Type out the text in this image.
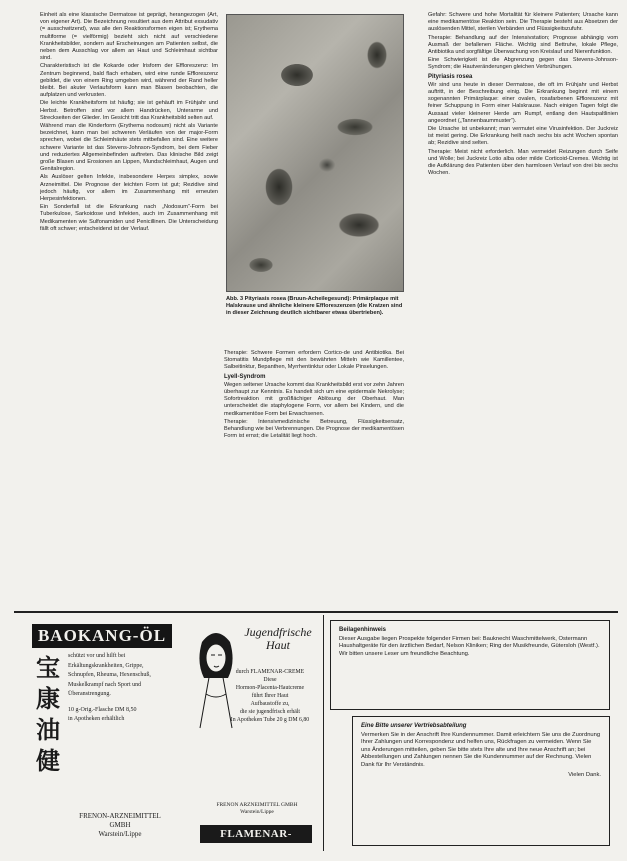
Einheit als eine klassische Dermatose ist geprägt, herangezogen (Art, von eigener Art). Die Bezeichnung resultiert aus dem Attribut exsudativ (= ausschwitzend), was alle den Reaktionsformen eigen ist; Erythema multiforme (= vielförmig) bezieht sich nicht auf verschiedene Krankheitsbilder, sondern auf Erscheinungen am Patienten selbst, die neben dem Ausschlag vor allem an Haut und Schleimhaut sichtbar sind.

Charakteristisch ist die Kokarde oder Irisform der Effloreszenz: Im Zentrum beginnend, bald flach erhaben, wird eine runde Effloreszenz gebildet, die von einem Ring umgeben wird, während der Rand heller bleibt. Bei akuter Verlaufsform kann man Blasen beobachten, die aufplatzen und verkrusten.

Die leichte Krankheitsform ist häufig; sie ist gehäuft im Frühjahr und Herbst. Betroffen sind vor allem Handrücken, Unterarme und Streckseiten der Glieder. Im Gesicht tritt das Krankheitsbild selten auf.

Während man die Kinderform (Erythema nodosum) nicht als Variante bezeichnet, kann man bei schweren Verläufen von der major-Form sprechen, wobei die Schleimhäute stets mitbefallen sind. Eine weitere schwere Variante ist das Stevens-Johnson-Syndrom, bei dem Fieber und reduziertes Allgemeinbefinden auftreten. Das klinische Bild zeigt große Blasen und Erosionen an Lippen, Mundschleimhaut, Augen und Genitalregion.

Als Auslöser gelten Infekte, insbesondere Herpes simplex, sowie Arzneimittel. Die Prognose der leichten Form ist gut; Rezidive sind jedoch häufig, vor allem im Zusammenhang mit erneuten Herpesinfektionen.

Ein Sonderfall ist die Erkrankung nach „Nodosum“-Form bei Tuberkulose, Sarkoidose und Infekten, auch im Zusammenhang mit Medikamenten wie Sulfonamiden und Penicillinen. Die Unterscheidung fällt oft schwer; entscheidend ist der Verlauf.

Abb. 3 Pityriasis rosea (Bruun-Acheilegesund): Primärplaque mit Halskrause und ähnliche kleinere Effloreszenzen (die Kratzen sind in dieser Zeichnung deutlich sichtbarer etwas übertrieben).

Therapie: Schwere Formen erfordern Cortico-de und Antibiotika. Bei Stomatitis Mundpflege mit den bewährten Mitteln wie Kamillentee, Salbeitinktur, Bepanthen, Myrrhentinktur oder Lokale Pinselungen.

Lyell-Syndrom

Wegen seltener Ursache kommt das Krankheitsbild erst vor zehn Jahren überhaupt zur Kenntnis. Es handelt sich um eine epidermale Nekrolyse; Sofortreaktion mit großflächiger Ablösung der Oberhaut. Man unterscheidet die staphylogene Form, vor allem bei Kindern, und die medikamentöse Form bei Erwachsenen.

Therapie: Intensivmedizinische Betreuung, Flüssigkeitsersatz, Behandlung wie bei Verbrennungen. Die Prognose der medikamentösen Form ist ernst; die Letalität liegt hoch.

Gefahr: Schwere und hohe Mortalität für kleinere Patienten; Ursache kann eine medikamentöse Reaktion sein. Die Therapie besteht aus Absetzen der auslösenden Mittel, sterilen Verbänden und Flüssigkeitszufuhr.

Therapie: Behandlung auf der Intensivstation; Prognose abhängig vom Ausmaß der befallenen Fläche. Wichtig sind Bettruhe, lokale Pflege, Antibiotika und sorgfältige Überwachung von Kreislauf und Nierenfunktion.

Eine Schwierigkeit ist die Abgrenzung gegen das Stevens-Johnson-Syndrom; die Hautveränderungen gleichen Verbrühungen.

Pityriasis rosea

Wir sind uns heute in dieser Dermatose, die oft im Frühjahr und Herbst auftritt, in der Beschreibung einig. Die Erkrankung beginnt mit einem sogenannten Primärplaque: einer ovalen, rosafarbenen Effloreszenz mit feiner Schuppung in Form einer Halskrause. Nach einigen Tagen folgt die Aussaat vieler kleinerer Herde am Rumpf, entlang den Hautspaltlinien angeordnet („Tannenbaummuster“).

Die Ursache ist unbekannt; man vermutet eine Virusinfektion. Der Juckreiz ist meist gering. Die Erkrankung heilt nach sechs bis acht Wochen spontan ab; Rezidive sind selten.

Therapie: Meist nicht erforderlich. Man vermeidet Reizungen durch Seife und Wolle; bei Juckreiz Lotio alba oder milde Corticoid-Cremes. Wichtig ist die Aufklärung des Patienten über den harmlosen Verlauf von drei bis sechs Wochen.

BAOKANG-ÖL
宝
康
油
健
schützt vor und hilft bei Erkältungskrankheiten, Grippe, Schnupfen, Rheuma, Hexenschuß, Muskelkrampf nach Sport und Überanstrengung.
10 g-Orig.-Flasche DM 8,50
in Apotheken erhältlich
FRENON-ARZNEIMITTEL GMBH
Warstein/Lippe
Jugendfrische Haut
durch FLAMENAR-CREME
Diese
Hormon-Placenta-Hautcreme
führt Ihrer Haut
Aufbaustoffe zu,
die sie jugendfrisch erhält
In Apotheken Tube 20 g DM 6,80
FRENON ARZNEIMITTEL GMBH
Warstein/Lippe
FLAMENAR-CREME
Beilagenhinweis
Dieser Ausgabe liegen Prospekte folgender Firmen bei: Bauknecht Waschmittelwerk, Ostermann Haushaltgeräte für den ärztlichen Bedarf, Nelson Kliniken; Ring der Musikfreunde, Gütersloh (Westf.). Wir bitten unsere Leser um freundliche Beachtung.
Eine Bitte unserer Vertriebsabteilung
Vermerken Sie in der Anschrift Ihre Kundennummer. Damit erleichtern Sie uns die Zuordnung Ihrer Zahlungen und Korrespondenz und helfen uns, Rückfragen zu vermeiden. Wenn Sie uns Änderungen mitteilen, geben Sie bitte stets Ihre alte und Ihre neue Anschrift an; bei Abbestellungen und Zahlungen nennen Sie die Kundennummer auf der Rechnung. Vielen Dank für Ihr Verständnis.
Vielen Dank.
